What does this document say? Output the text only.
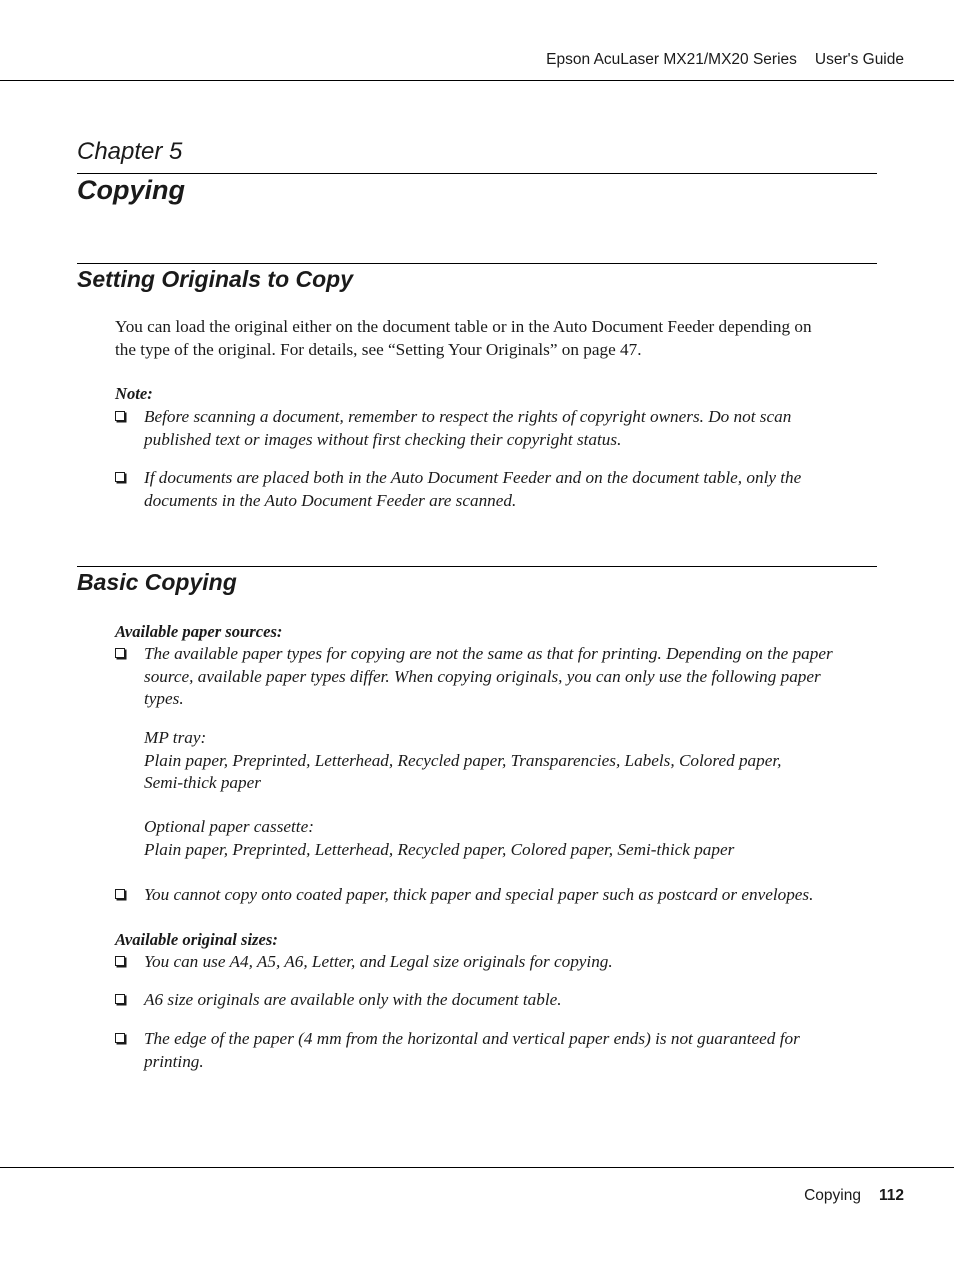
Epson AcuLaser MX21/MX20 Series User's Guide
Chapter 5
Copying
Setting Originals to Copy
You can load the original either on the document table or in the Auto Document Feeder depending on
the type of the original. For details, see “Setting Your Originals” on page 47.
Note:
Before scanning a document, remember to respect the rights of copyright owners. Do not scan
published text or images without first checking their copyright status.
If documents are placed both in the Auto Document Feeder and on the document table, only the
documents in the Auto Document Feeder are scanned.
Basic Copying
Available paper sources:
The available paper types for copying are not the same as that for printing. Depending on the paper
source, available paper types differ. When copying originals, you can only use the following paper
types.
MP tray:
Plain paper, Preprinted, Letterhead, Recycled paper, Transparencies, Labels, Colored paper,
Semi-thick paper
Optional paper cassette:
Plain paper, Preprinted, Letterhead, Recycled paper, Colored paper, Semi-thick paper
You cannot copy onto coated paper, thick paper and special paper such as postcard or envelopes.
Available original sizes:
You can use A4, A5, A6, Letter, and Legal size originals for copying.
A6 size originals are available only with the document table.
The edge of the paper (4 mm from the horizontal and vertical paper ends) is not guaranteed for
printing.
Copying 112
